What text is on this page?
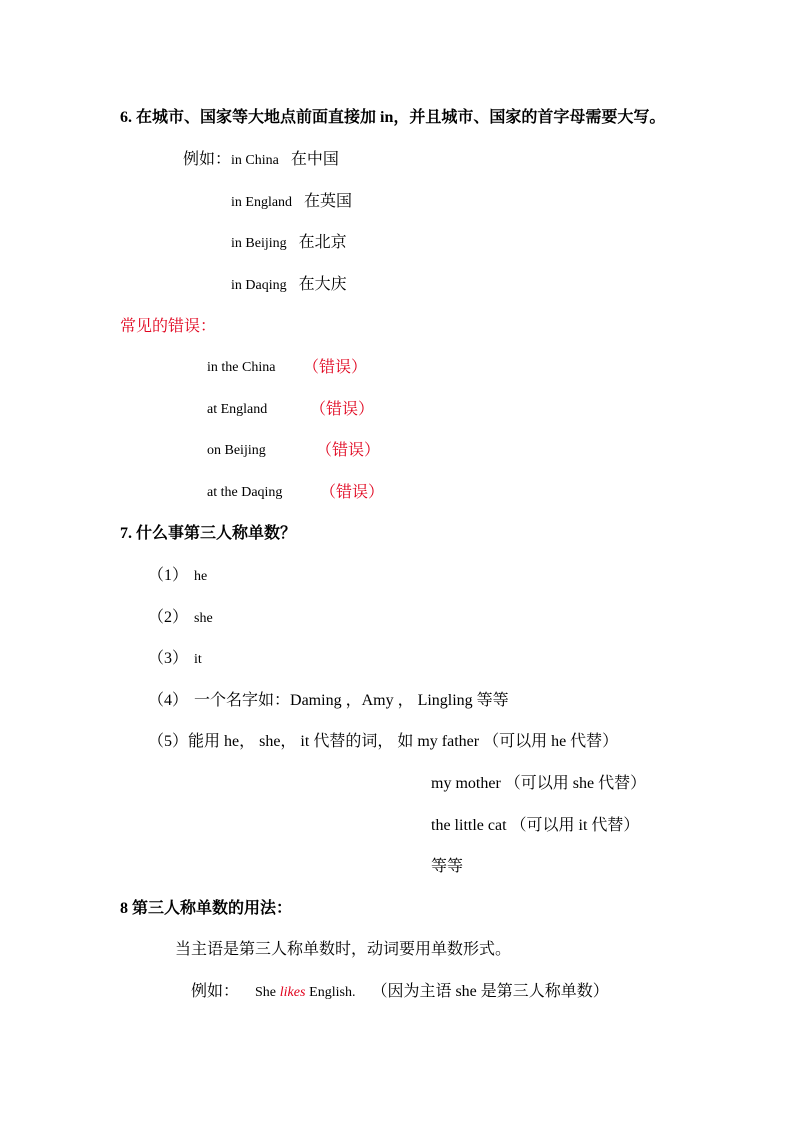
6. 在城市、国家等大地点前面直接加 in，并且城市、国家的首字母需要大写。
例如：in China 在中国
in England 在英国
in Beijing 在北京
in Daqing 在大庆
常见的错误：
in the China （错误）
at England	（错误）
on Beijing	（错误）
at the Daqing （错误）
7. 什么事第三人称单数？
（1） he
（2） she
（3） it
（4） 一个名字如：Daming ，Amy ， Lingling 等等
（5）能用 he， she， it 代替的词， 如 my father （可以用 he 代替）
my mother （可以用 she 代替）
the little cat （可以用 it 代替）
等等
8 第三人称单数的用法：
当主语是第三人称单数时，动词要用单数形式。
例如： She likes English. （因为主语 she 是第三人称单数）
